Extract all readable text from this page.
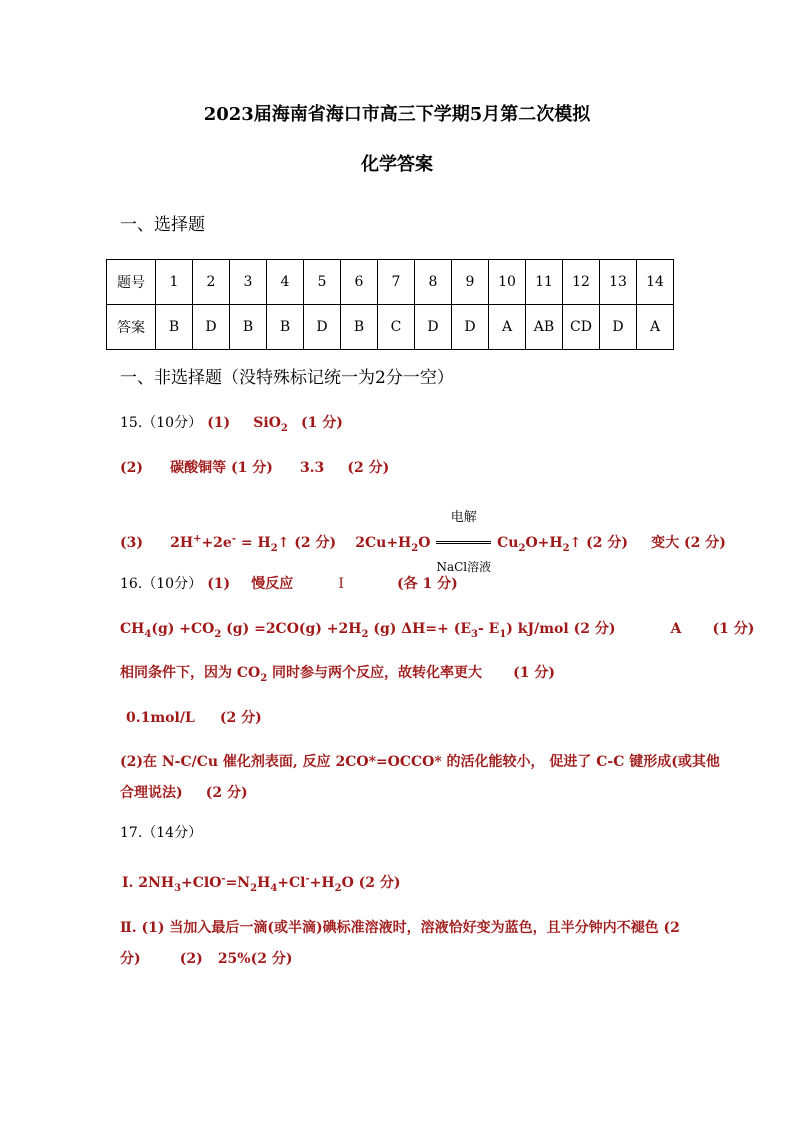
2023届海南省海口市高三下学期5月第二次模拟
化学答案
一、选择题
题号	1	2	3	4	5	6	7	8	9	10	11	12	13	14
答案	B	D	B	B	D	B	C	D	D	A	AB	CD	D	A
一、非选择题（没特殊标记统一为2分一空）
15.（10分） (1) SiO$_2$ (1 分)
(2) 碳酸铜等 (1 分) 3.3 (2 分)
(3) $2H^++2e^- = H_2↑$ (2 分) $2Cu+H_2O \frac{\text{电解}}{\text{NaCl溶液}}$ $Cu_2O+H_2↑$ (2 分) 变大 (2 分)
16.（10分） (1) 慢反应	I	(各 1 分)
$CH_4(g) +CO_2$ $(g) =2CO(g) +2H_2$ (g) $\Delta H=+ (E_3-$ $E_1$) kJ/mol (2 分)	A (1 分)
相同条件下，因为 $CO_2$ 同时参与两个反应，故转化率更大 (1 分)
0.1mol/L (2 分)
(2)在 N-C/Cu 催化剂表面, 反应 2CO*=OCCO* 的活化能较小， 促进了 C-C 键形成(或其他
合理说法) (2 分)
17.（14分）
Ⅰ. $2NH_3+ClO^-=N_2H_4+Cl^-+H_2O$ (2 分)
Ⅱ. (1) 当加入最后一滴(或半滴)碘标准溶液时，溶液恰好变为蓝色，且半分钟内不褪色 (2
分)	(2) 25%(2 分)
